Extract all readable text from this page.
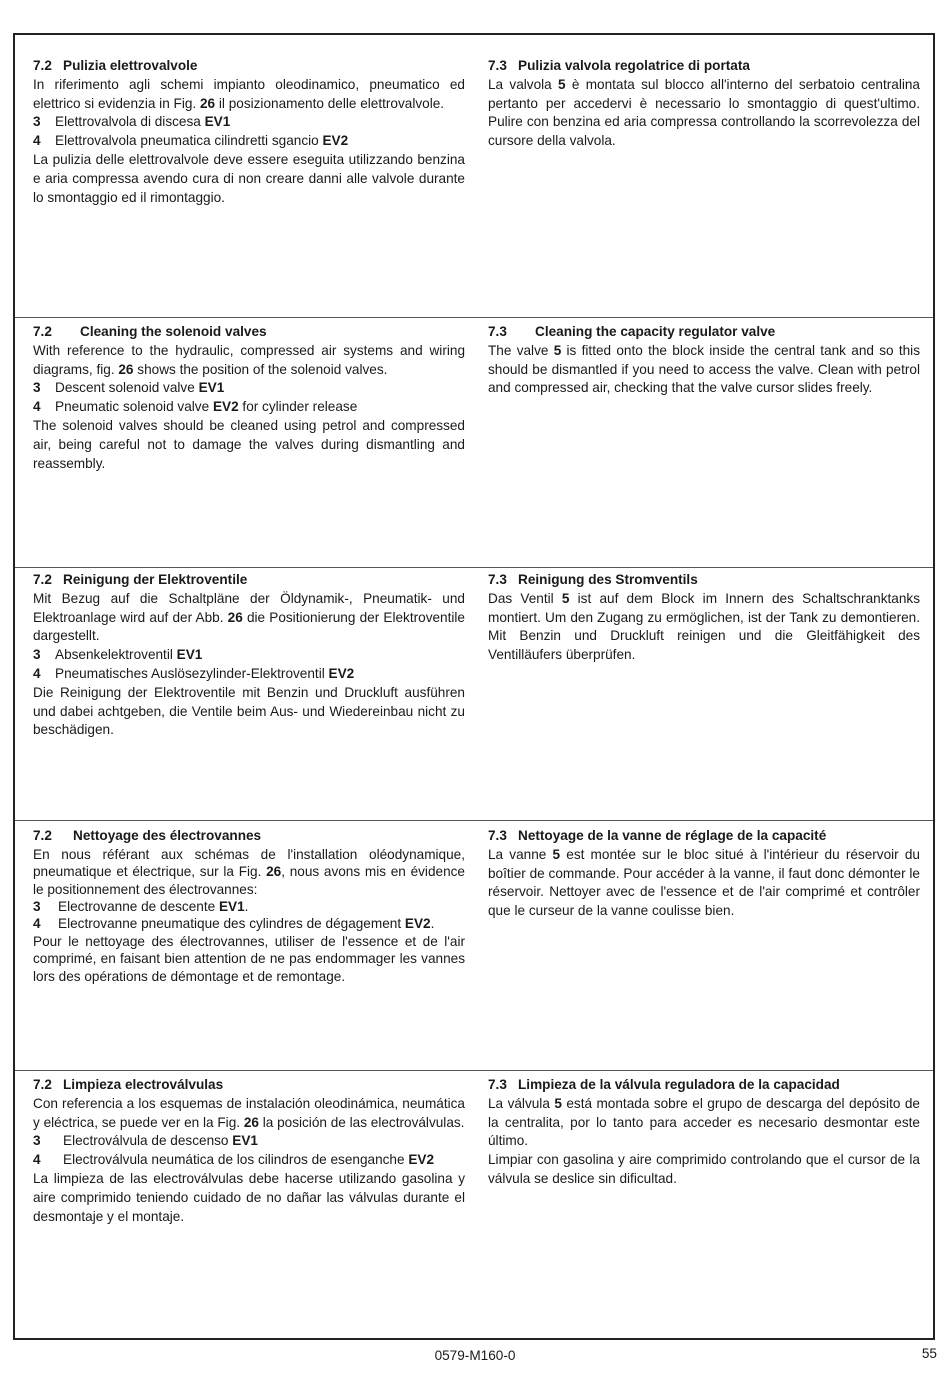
7.2 Pulizia elettrovalvole

In riferimento agli schemi impianto oleodinamico, pneumatico ed elettrico si evidenzia in Fig. 26 il posizionamento delle elettrovalvole.

3	Elettrovalvola di discesa EV1

4	Elettrovalvola pneumatica cilindretti sgancio EV2

La pulizia delle elettrovalvole deve essere eseguita utilizzando benzina e aria compressa avendo cura di non creare danni alle valvole durante lo smontaggio ed il rimontaggio.

7.3 Pulizia valvola regolatrice di portata

La valvola 5 è montata sul blocco all'interno del serbatoio centralina pertanto per accedervi è necessario lo smontaggio di quest'ultimo. Pulire con benzina ed aria compressa controllando la scorrevolezza del cursore della valvola.

7.2 Cleaning the solenoid valves

With reference to the hydraulic, compressed air systems and wiring diagrams, fig. 26 shows the position of the solenoid valves.

3	Descent solenoid valve EV1

4	Pneumatic solenoid valve EV2 for cylinder release

The solenoid valves should be cleaned using petrol and compressed air, being careful not to damage the valves during dismantling and reassembly.

7.3 Cleaning the capacity regulator valve

The valve 5 is fitted onto the block inside the central tank and so this should be dismantled if you need to access the valve. Clean with petrol and compressed air, checking that the valve cursor slides freely.

7.2 Reinigung der Elektroventile

Mit Bezug auf die Schaltpläne der Öldynamik-, Pneumatik- und Elektroanlage wird auf der Abb. 26 die Positionierung der Elektroventile dargestellt.

3	Absenkelektroventil EV1

4	Pneumatisches Auslösezylinder-Elektroventil EV2

Die Reinigung der Elektroventile mit Benzin und Druckluft ausführen und dabei achtgeben, die Ventile beim Aus- und Wiedereinbau nicht zu beschädigen.

7.3 Reinigung des Stromventils

Das Ventil 5 ist auf dem Block im Innern des Schaltschranktanks montiert. Um den Zugang zu ermöglichen, ist der Tank zu demontieren. Mit Benzin und Druckluft reinigen und die Gleitfähigkeit des Ventilläufers überprüfen.

7.2 Nettoyage des électrovannes

En nous référant aux schémas de l'installation oléodynamique, pneumatique et électrique, sur la Fig. 26, nous avons mis en évidence le positionnement des électrovannes:

3	Electrovanne de descente EV1.

4	Electrovanne pneumatique des cylindres de dégagement EV2.

Pour le nettoyage des électrovannes, utiliser de l'essence et de l'air comprimé, en faisant bien attention de ne pas endommager les vannes lors des opérations de démontage et de remontage.

7.3 Nettoyage de la vanne de réglage de la capacité

La vanne 5 est montée sur le bloc situé à l'intérieur du réservoir du boîtier de commande. Pour accéder à la vanne, il faut donc démonter le réservoir. Nettoyer avec de l'essence et de l'air comprimé et contrôler que le curseur de la vanne coulisse bien.

7.2 Limpieza electroválvulas

Con referencia a los esquemas de instalación oleodinámica, neumática y eléctrica, se puede ver en la Fig. 26 la posición de las electroválvulas.

3	Electroválvula de descenso EV1

4	Electroválvula neumática de los cilindros de esenganche EV2

La limpieza de las electroválvulas debe hacerse utilizando gasolina y aire comprimido teniendo cuidado de no dañar las válvulas durante el desmontaje y el montaje.

7.3 Limpieza de la válvula reguladora de la capacidad

La válvula 5 está montada sobre el grupo de descarga del depósito de la centralita, por lo tanto para acceder es necesario desmontar este último.

Limpiar con gasolina y aire comprimido controlando que el cursor de la válvula se deslice sin dificultad.

0579-M160-0	55
